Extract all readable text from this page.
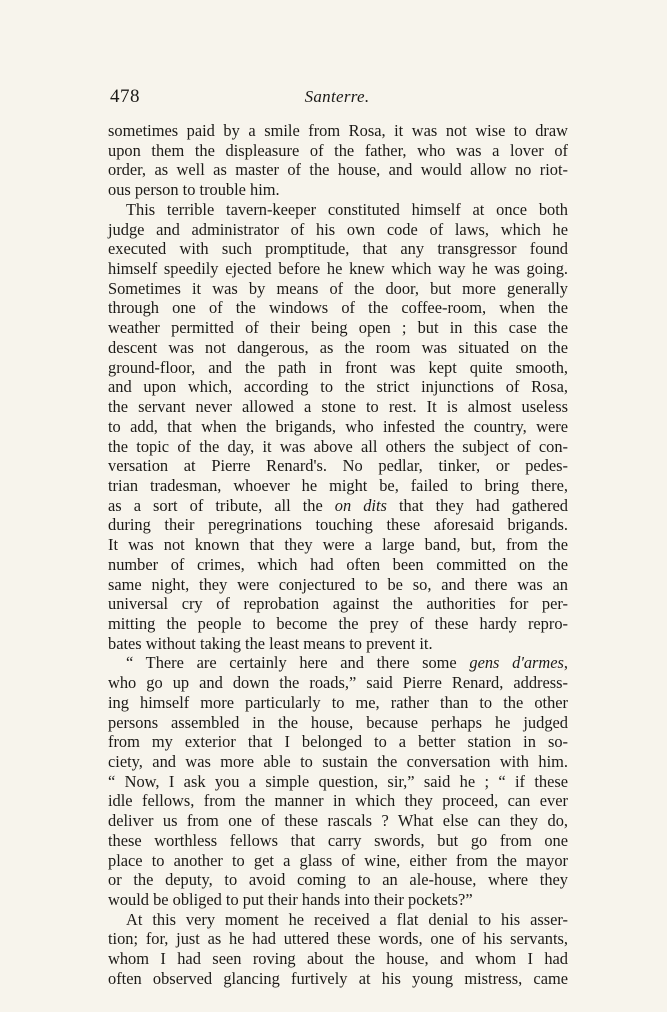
478	Santerre.
sometimes paid by a smile from Rosa, it was not wise to draw
upon them the displeasure of the father, who was a lover of
order, as well as master of the house, and would allow no riot-
ous person to trouble him.
This terrible tavern-keeper constituted himself at once both
judge and administrator of his own code of laws, which he
executed with such promptitude, that any transgressor found
himself speedily ejected before he knew which way he was going.
Sometimes it was by means of the door, but more generally
through one of the windows of the coffee-room, when the
weather permitted of their being open ; but in this case the
descent was not dangerous, as the room was situated on the
ground-floor, and the path in front was kept quite smooth,
and upon which, according to the strict injunctions of Rosa,
the servant never allowed a stone to rest. It is almost useless
to add, that when the brigands, who infested the country, were
the topic of the day, it was above all others the subject of con-
versation at Pierre Renard's. No pedlar, tinker, or pedes-
trian tradesman, whoever he might be, failed to bring there,
as a sort of tribute, all the on dits that they had gathered
during their peregrinations touching these aforesaid brigands.
It was not known that they were a large band, but, from the
number of crimes, which had often been committed on the
same night, they were conjectured to be so, and there was an
universal cry of reprobation against the authorities for per-
mitting the people to become the prey of these hardy repro-
bates without taking the least means to prevent it.
“ There are certainly here and there some gens d'armes,
who go up and down the roads,” said Pierre Renard, address-
ing himself more particularly to me, rather than to the other
persons assembled in the house, because perhaps he judged
from my exterior that I belonged to a better station in so-
ciety, and was more able to sustain the conversation with him.
“ Now, I ask you a simple question, sir,” said he ; “ if these
idle fellows, from the manner in which they proceed, can ever
deliver us from one of these rascals ? What else can they do,
these worthless fellows that carry swords, but go from one
place to another to get a glass of wine, either from the mayor
or the deputy, to avoid coming to an ale-house, where they
would be obliged to put their hands into their pockets?”
At this very moment he received a flat denial to his asser-
tion; for, just as he had uttered these words, one of his servants,
whom I had seen roving about the house, and whom I had
often observed glancing furtively at his young mistress, came
